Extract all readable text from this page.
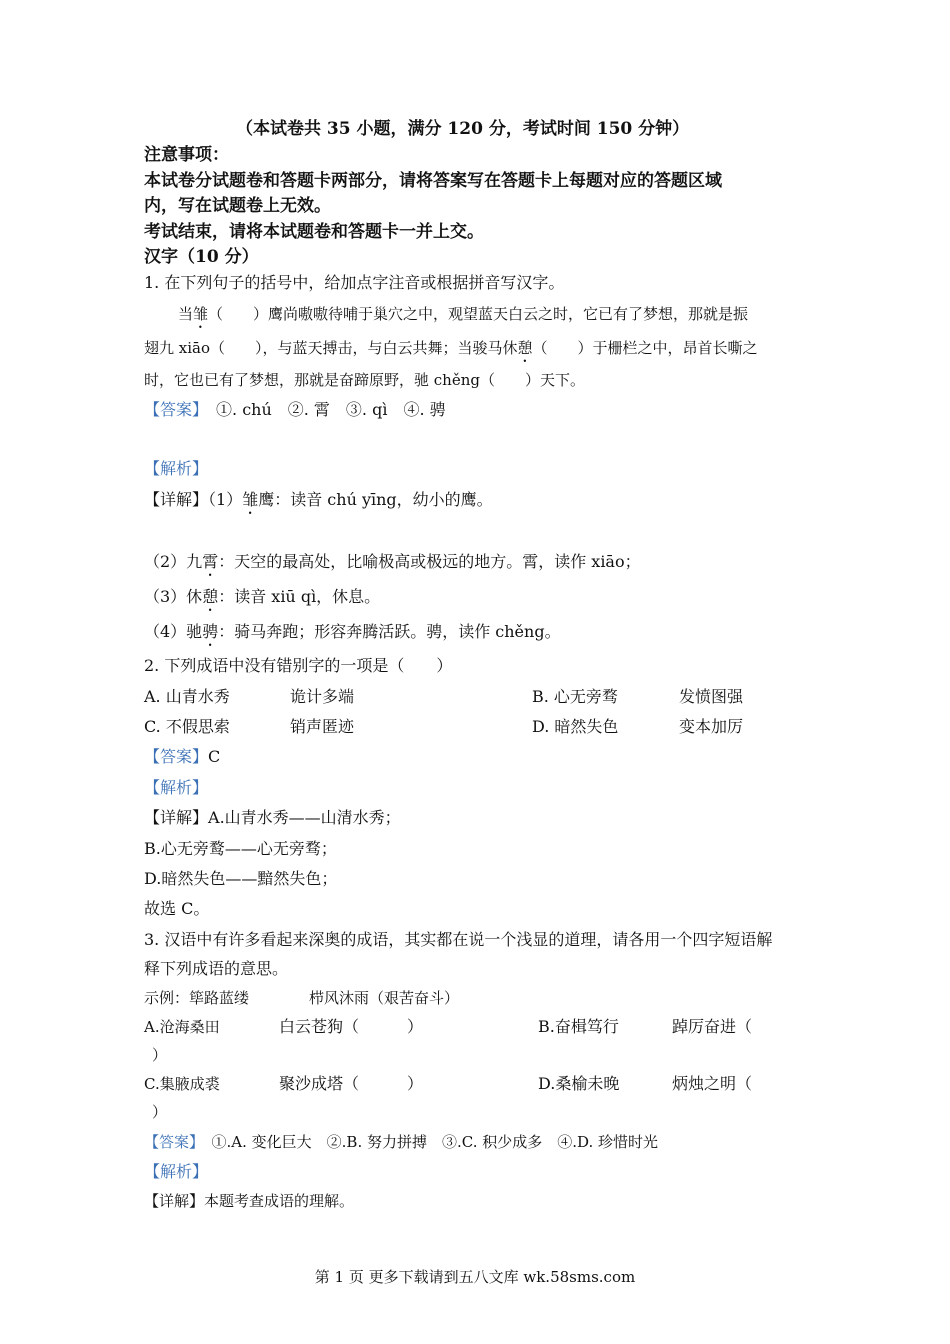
（本试卷共 35 小题，满分 120 分，考试时间 150 分钟）
注意事项：
本试卷分试题卷和答题卡两部分，请将答案写在答题卡上每题对应的答题区域
内，写在试题卷上无效。
考试结束，请将本试题卷和答题卡一并上交。
汉字（10 分）
1. 在下列句子的括号中，给加点字注音或根据拼音写汉字。
当雏（　　）鹰尚嗷嗷待哺于巢穴之中，观望蓝天白云之时，它已有了梦想，那就是振
翅九 xiāo（　　），与蓝天搏击，与白云共舞；当骏马休憩（　　）于栅栏之中，昂首长嘶之
时，它也已有了梦想，那就是奋蹄原野，驰 chěng（　　）天下。
【答案】　①. chú　②. 霄　③. qì　④. 骋
【解析】
【详解】（1）雏鹰：读音 chú yīng，幼小的鹰。
（2）九霄：天空的最高处，比喻极高或极远的地方。霄，读作 xiāo；
（3）休憩：读音 xiū qì，休息。
（4）驰骋：骑马奔跑；形容奔腾活跃。骋，读作 chěng。
2. 下列成语中没有错别字的一项是（　　）
A. 山青水秀	诡计多端	B. 心无旁骛	发愤图强
C. 不假思索	销声匿迹	D. 暗然失色	变本加厉
【答案】C
【解析】
【详解】A.山青水秀——山清水秀；
B.心无旁鹜——心无旁骛；
D.暗然失色——黯然失色；
故选 C。
3. 汉语中有许多看起来深奥的成语，其实都在说一个浅显的道理，请各用一个四字短语解
释下列成语的意思。
示例：筚路蓝缕　　　　栉风沐雨（艰苦奋斗）
A.沧海桑田	白云苍狗（　　　）	B.奋楫笃行	踔厉奋进（
）
C.集腋成裘	聚沙成塔（　　　）	D.桑榆未晚	炳烛之明（
）
【答案】　①.A. 变化巨大　②.B. 努力拼搏　③.C. 积少成多　④.D. 珍惜时光
【解析】
【详解】本题考查成语的理解。
第 1 页 更多下载请到五八文库 wk.58sms.com
